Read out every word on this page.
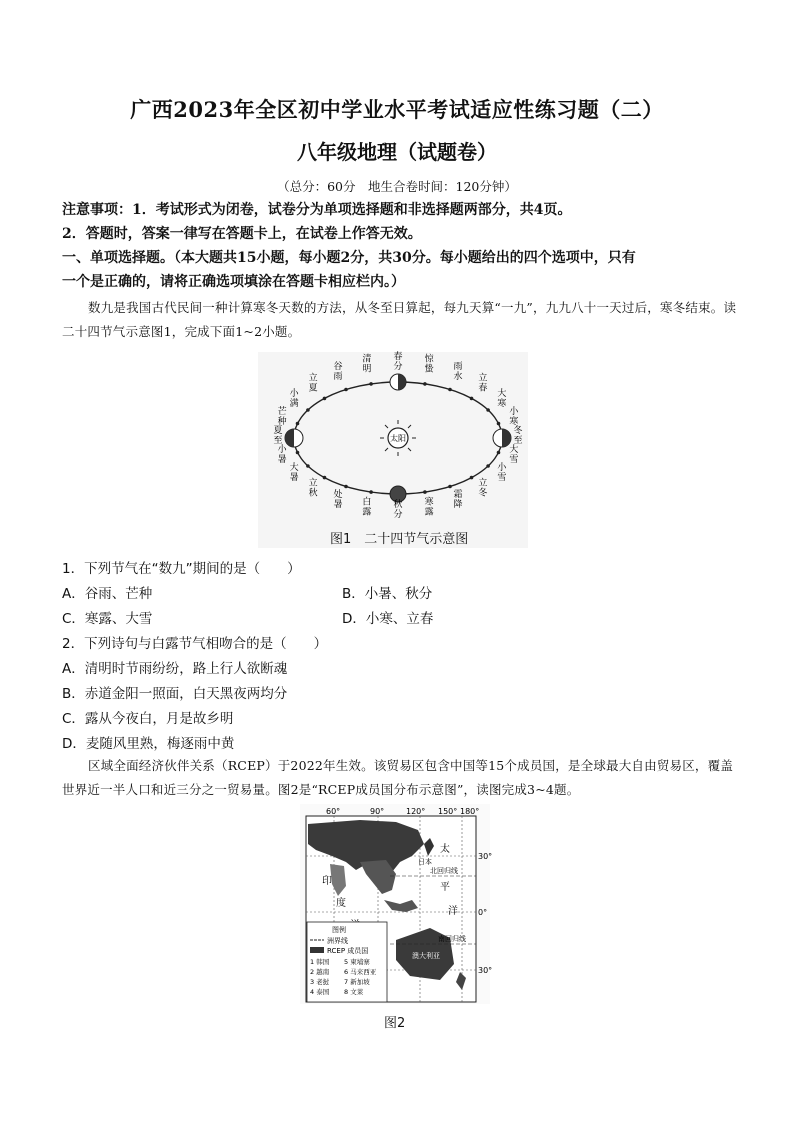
广西2023年全区初中学业水平考试适应性练习题（二）
八年级地理（试题卷）
（总分：60分　地生合卷时间：120分钟）
注意事项：1．考试形式为闭卷，试卷分为单项选择题和非选择题两部分，共4页。
2．答题时，答案一律写在答题卡上，在试卷上作答无效。
一、单项选择题。（本大题共15小题，每小题2分，共30分。每小题给出的四个选项中，只有
一个是正确的，请将正确选项填涂在答题卡相应栏内。）
数九是我国古代民间一种计算寒冬天数的方法，从冬至日算起，每九天算“一九”，九九八十一天过后，寒冬结束。读二十四节气示意图1，完成下面1~2小题。
太阳
春
分
惊
蛰 雨
水 立
春
大
寒
小
寒
冬
至
大
雪
小
雪
立
冬
霜
降
寒
露
秋
分
白
露
处
暑
立
秋
大
暑
小
暑
夏
至
芒
种
小
满
立
夏
谷
雨
清
明
图1　二十四节气示意图
1．下列节气在“数九”期间的是（　　）
A．谷雨、芒种	B．小暑、秋分
C．寒露、大雪	D．小寒、立春
2．下列诗句与白露节气相吻合的是（　　）
A．清明时节雨纷纷，路上行人欲断魂
B．赤道金阳一照面，白天黑夜两均分
C．露从今夜白，月是故乡明
D．麦随风里熟，梅逐雨中黄
区域全面经济伙伴关系（RCEP）于2022年生效。该贸易区包含中国等15个成员国，是全球最大自由贸易区，覆盖世界近一半人口和近三分之一贸易量。图2是“RCEP成员国分布示意图”，读图完成3~4题。
60°	90°	120° 150° 180°
30°
0°
30°
印
度
太
平
洋
日本
北回归线
南回归线
澳大利亚
图例
洲界线
RCEP 成员国
1 韩国 5 柬埔寨
2 越南 6 马来西亚
3 老挝 7 新加坡
4 泰国 8 文莱
图2
